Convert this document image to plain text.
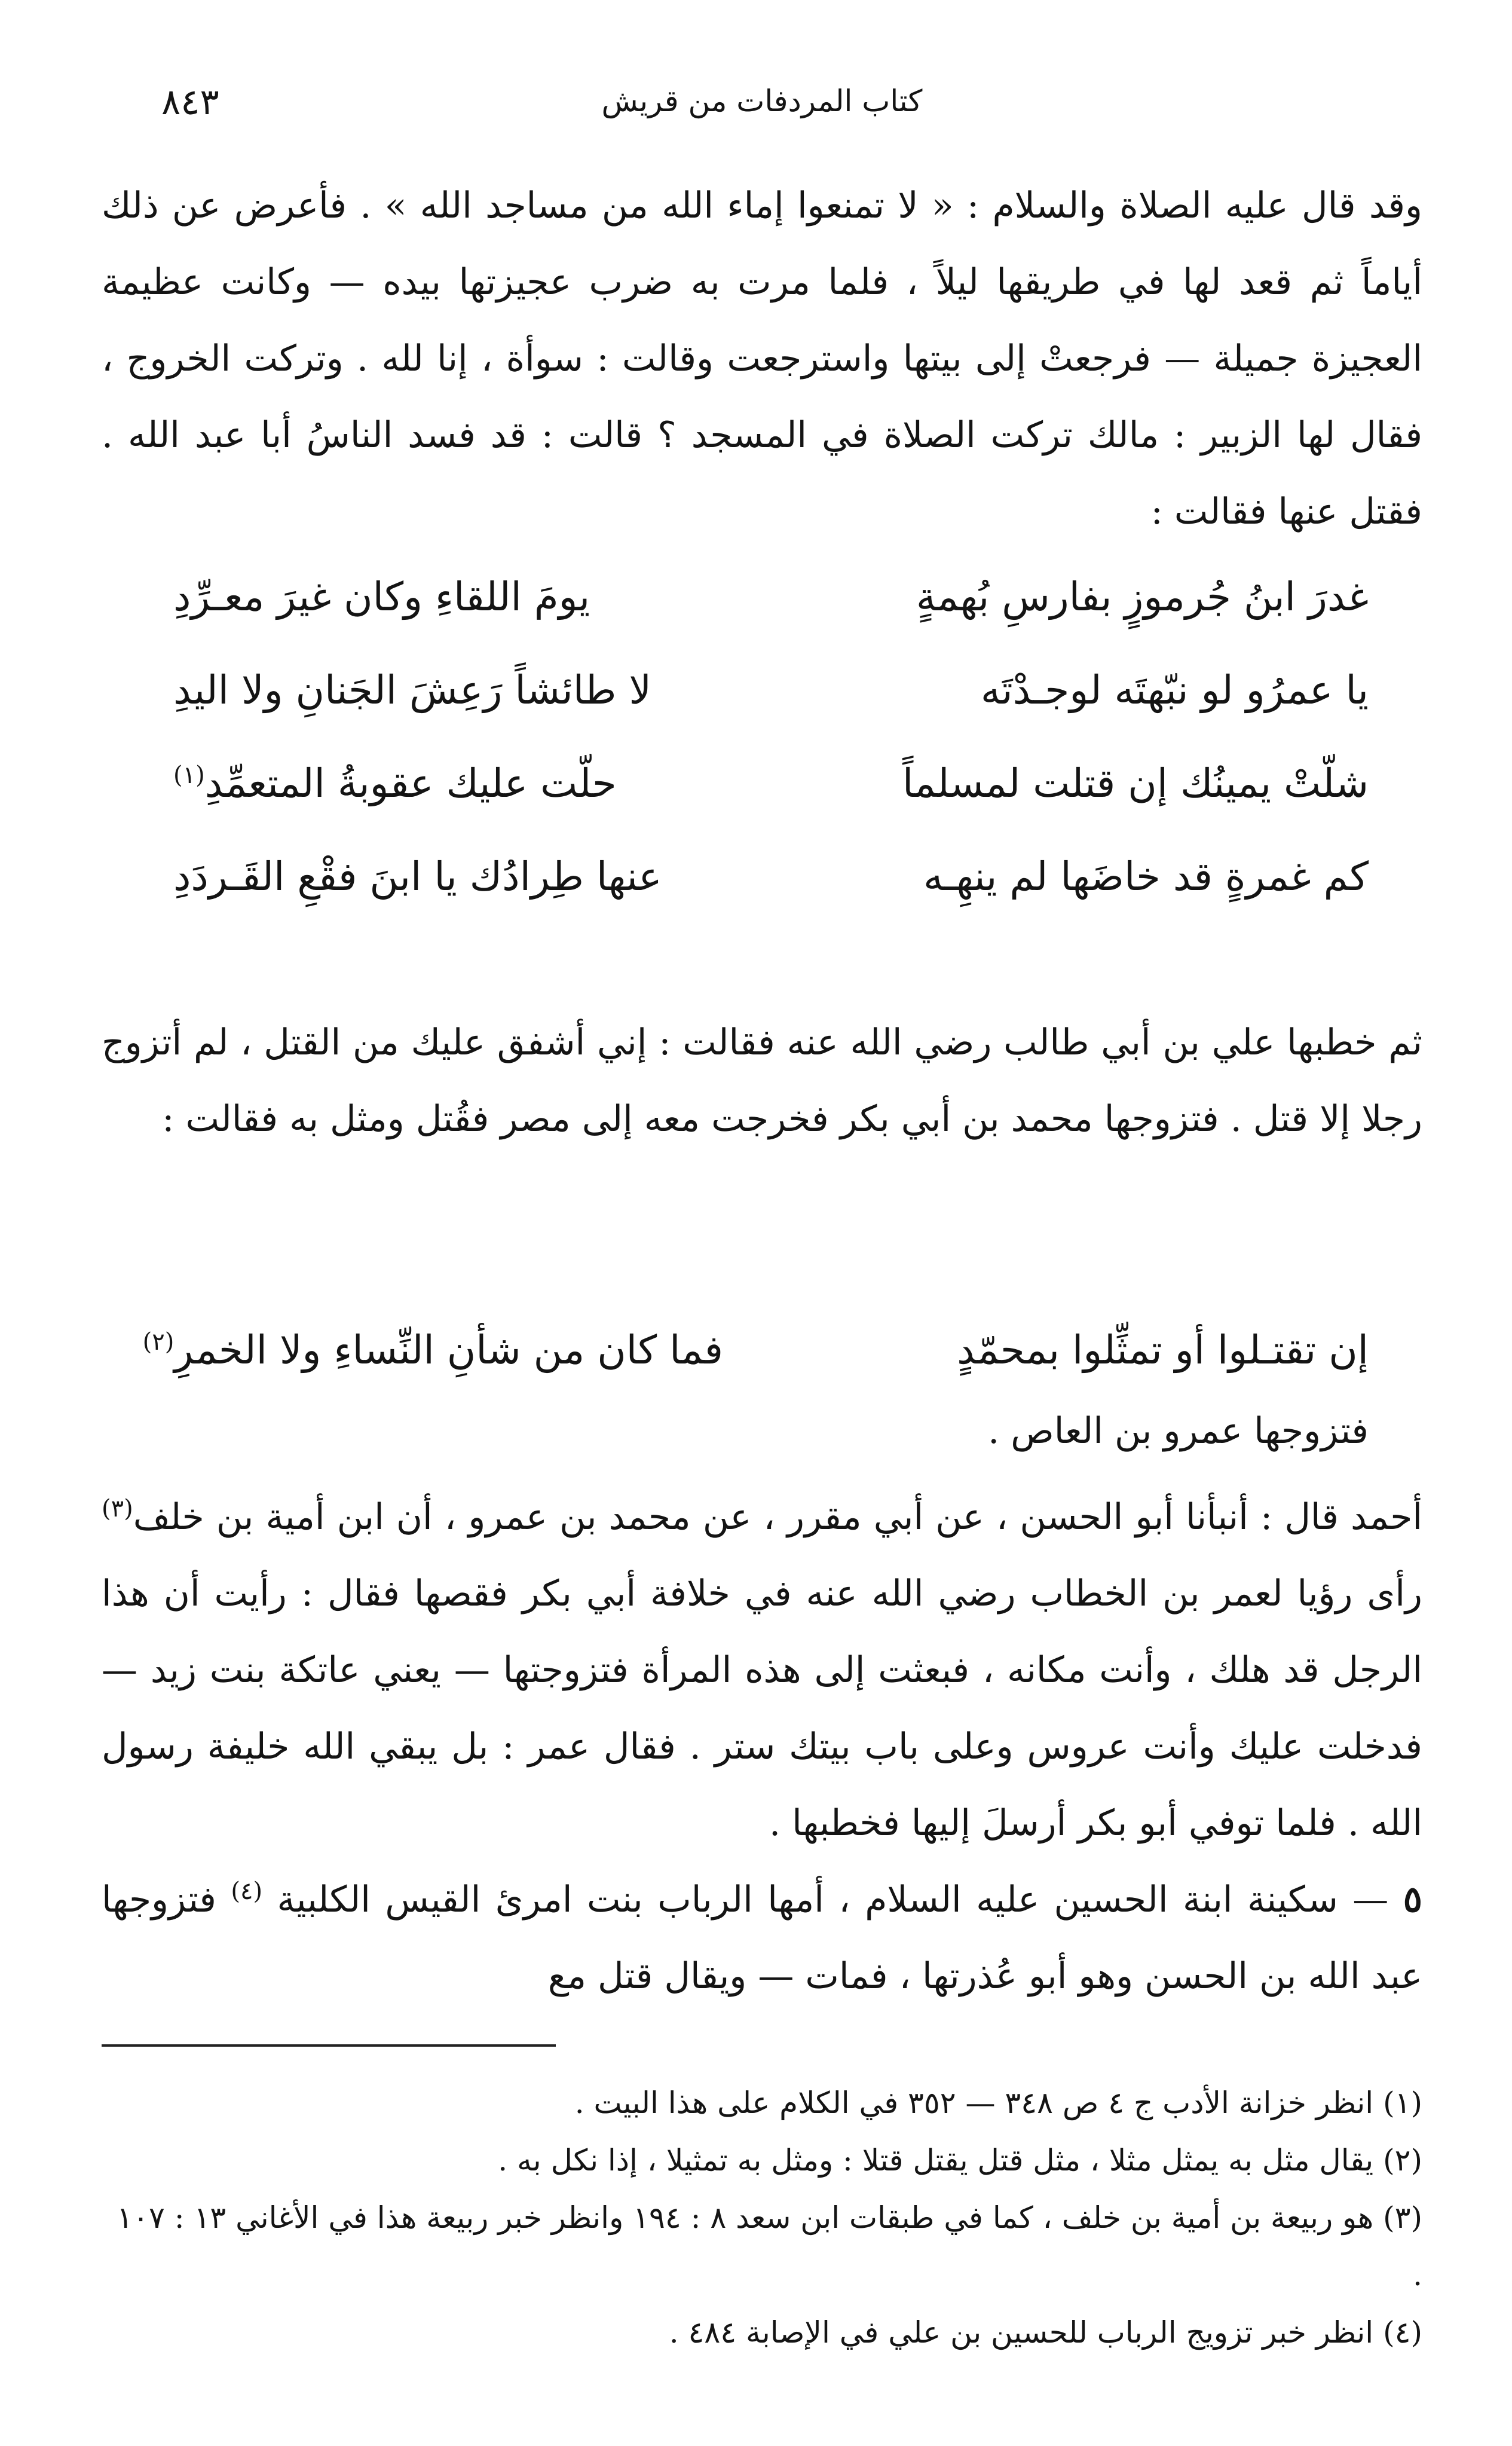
٨٤٣	كتاب المردفات من قريش

وقد قال عليه الصلاة والسلام : « لا تمنعوا إماء الله من مساجد الله » . فأعرض عن ذلك أياماً ثم قعد لها في طريقها ليلاً ، فلما مرت به ضرب عجيزتها بيده — وكانت عظيمة العجيزة جميلة — فرجعتْ إلى بيتها واسترجعت وقالت : سوأة ، إنا لله . وتركت الخروج ، فقال لها الزبير : مالك تركت الصلاة في المسجد ؟ قالت : قد فسد الناسُ أبا عبد الله . فقتل عنها فقالت :

غدرَ ابنُ جُرموزٍ بفارسِ بُهمةٍ
يومَ اللقاءِ وكان غيرَ معـرِّدِ
يا عمرُو لو نبّهتَه لوجـدْتَه
لا طائشاً رَعِشَ الجَنانِ ولا اليدِ
شلّتْ يمينُك إن قتلت لمسلماً
حلّت عليك عقوبةُ المتعمِّدِ$^{(١)}$
كم غمرةٍ قد خاضَها لم ينهِـه
عنها طِرادُك يا ابنَ فقْعِ القَـردَدِ

ثم خطبها علي بن أبي طالب رضي الله عنه فقالت : إني أشفق عليك من القتل ، لم أتزوج رجلا إلا قتل . فتزوجها محمد بن أبي بكر فخرجت معه إلى مصر فقُتل ومثل به فقالت :

إن تقتـلوا أو تمثِّلوا بمحمّدٍ
فما كان من شأنِ النِّساءِ ولا الخمرِ$^{(٢)}$

فتزوجها عمرو بن العاص .

أحمد قال : أنبأنا أبو الحسن ، عن أبي مقرر ، عن محمد بن عمرو ، أن ابن أمية بن خلف$^{(٣)}$ رأى رؤيا لعمر بن الخطاب رضي الله عنه في خلافة أبي بكر فقصها فقال : رأيت أن هذا الرجل قد هلك ، وأنت مكانه ، فبعثت إلى هذه المرأة فتزوجتها — يعني عاتكة بنت زيد — فدخلت عليك وأنت عروس وعلى باب بيتك ستر . فقال عمر : بل يبقي الله خليفة رسول الله . فلما توفي أبو بكر أرسلَ إليها فخطبها .

٥ — سكينة ابنة الحسين عليه السلام ، أمها الرباب بنت امرئ القيس الكلبية $^{(٤)}$ فتزوجها عبد الله بن الحسن وهو أبو عُذرتها ، فمات — ويقال قتل مع

(١) انظر خزانة الأدب ج ٤ ص ٣٤٨ — ٣٥٢ في الكلام على هذا البيت .

(٢) يقال مثل به يمثل مثلا ، مثل قتل يقتل قتلا : ومثل به تمثيلا ، إذا نكل به .

(٣) هو ربيعة بن أمية بن خلف ، كما في طبقات ابن سعد ٨ : ١٩٤ وانظر خبر ربيعة هذا في الأغاني ١٣ : ١٠٧ .

(٤) انظر خبر تزويج الرباب للحسين بن علي في الإصابة ٤٨٤ .
